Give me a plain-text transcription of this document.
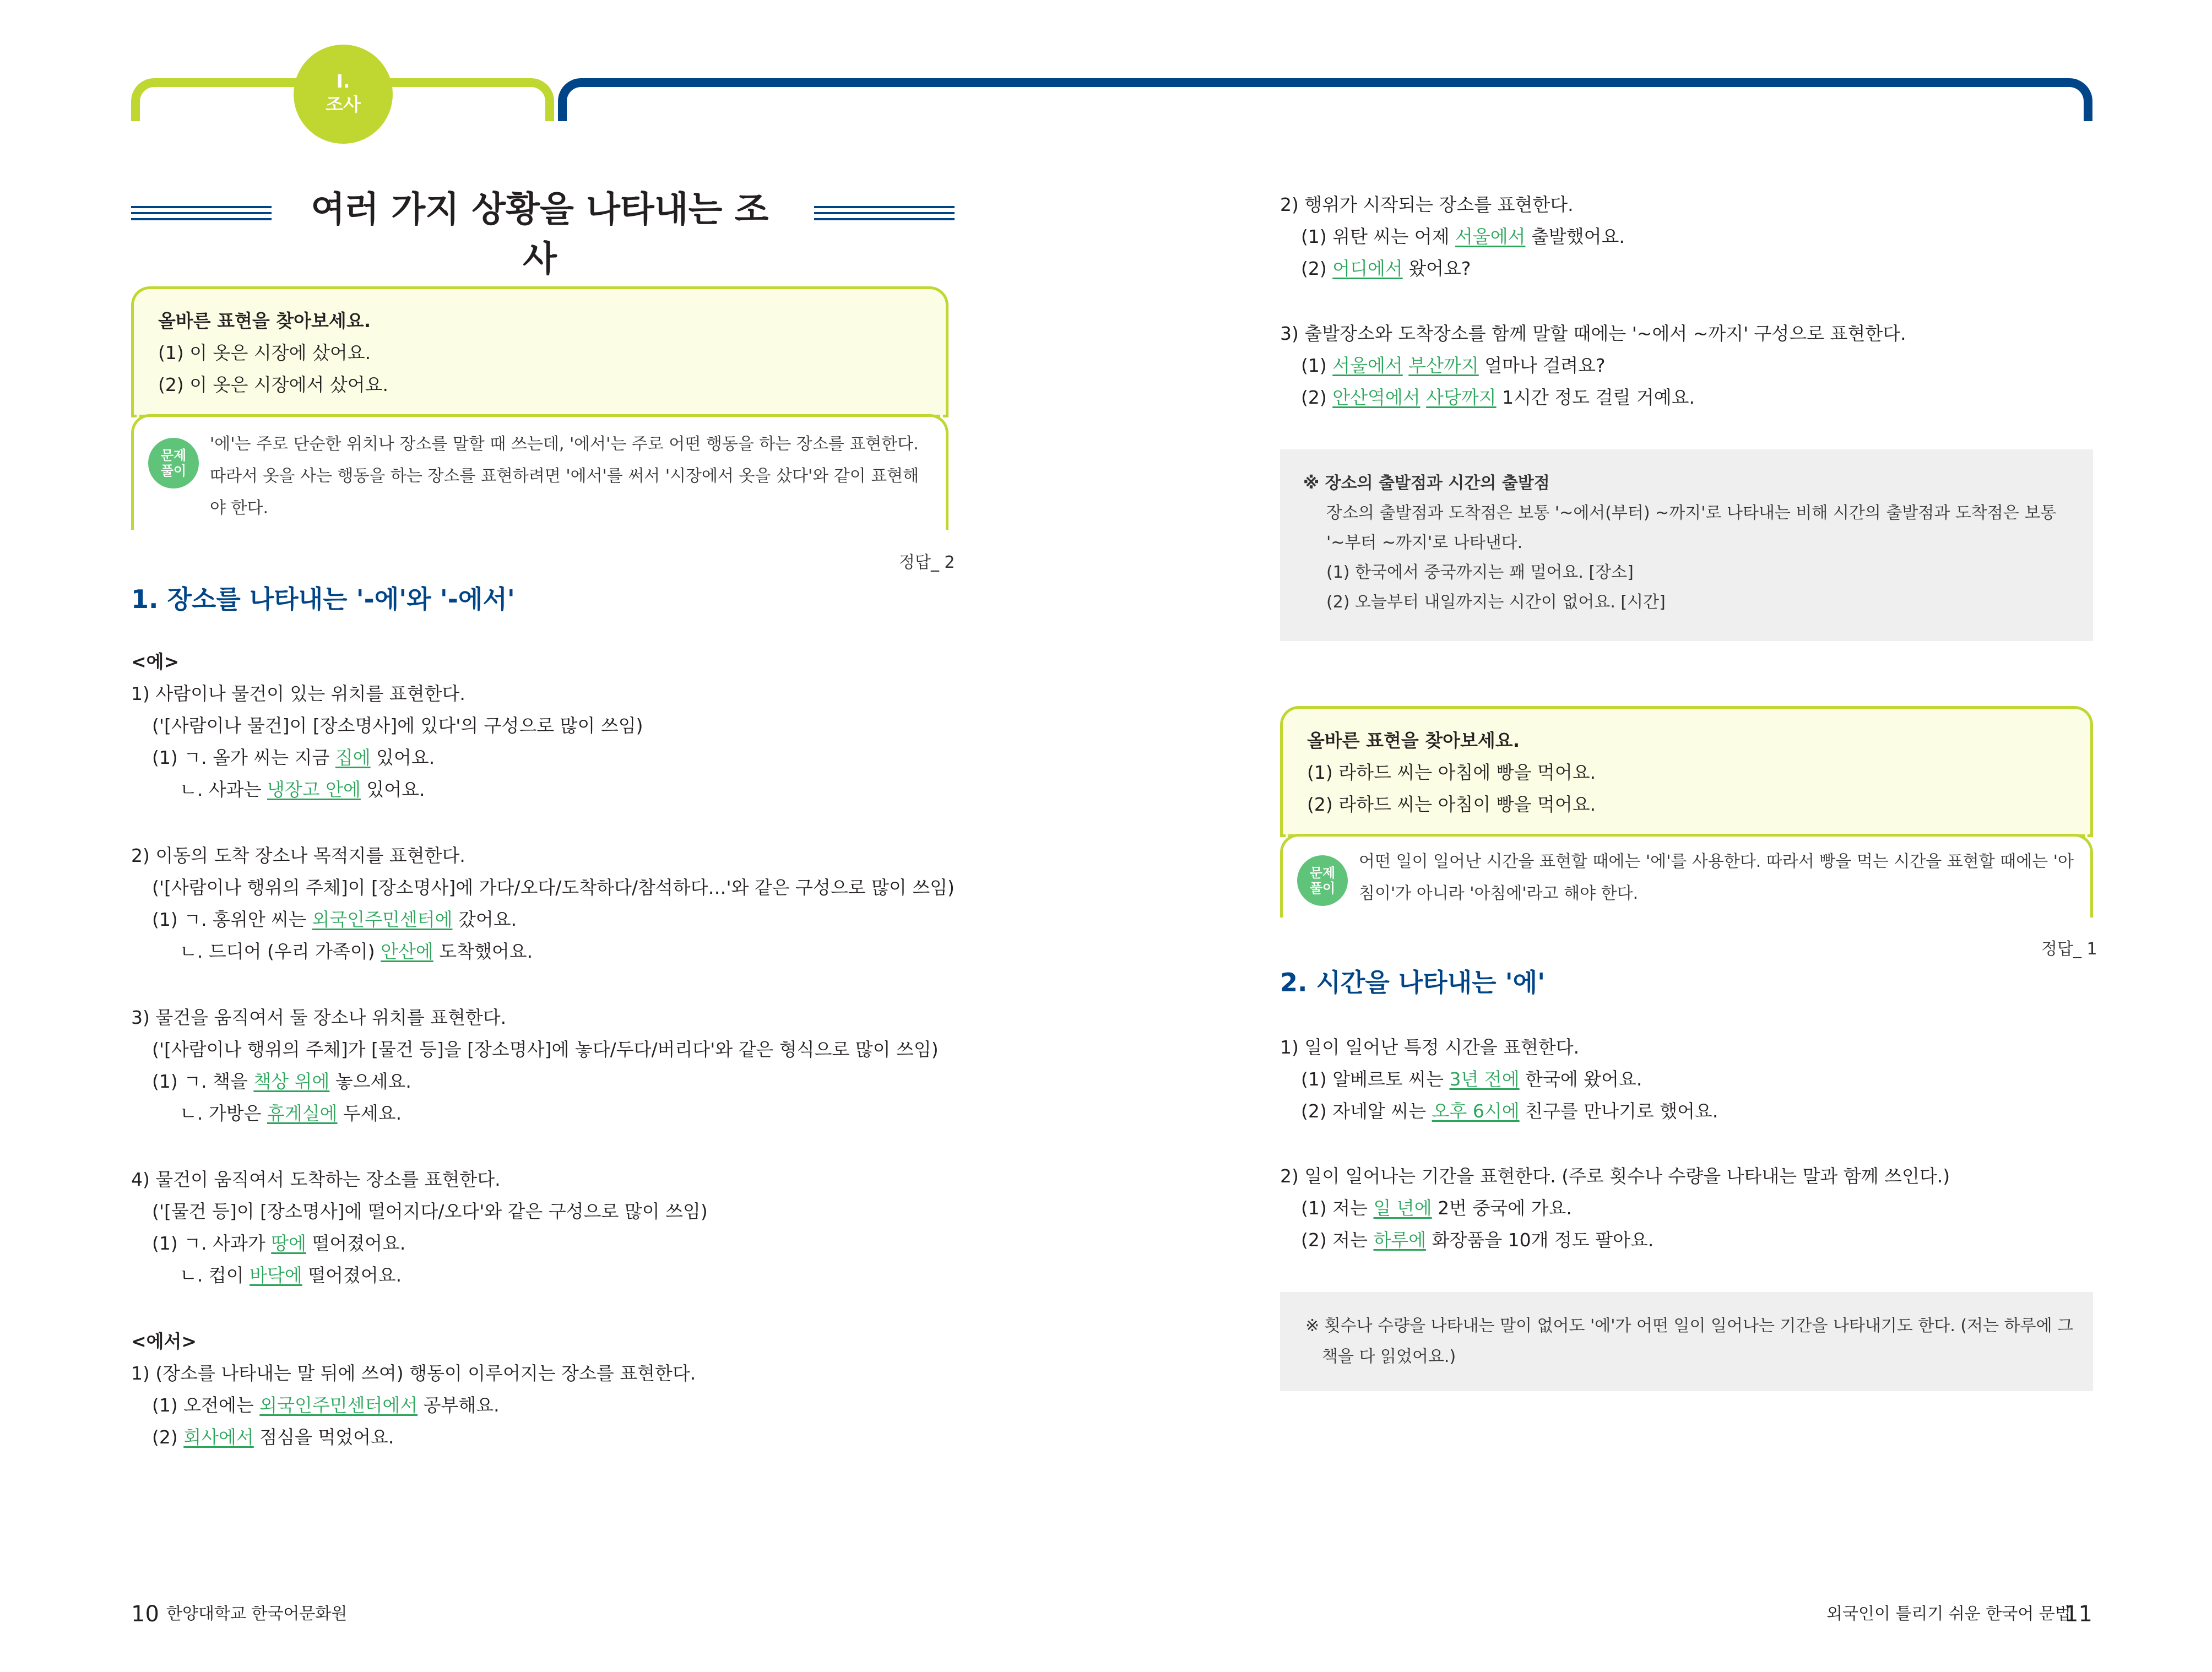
I.
조사
여러 가지 상황을 나타내는 조사
올바른 표현을 찾아보세요.
(1) 이 옷은 시장에 샀어요.
(2) 이 옷은 시장에서 샀어요.
문제
풀이
'에'는 주로 단순한 위치나 장소를 말할 때 쓰는데, '에서'는 주로 어떤 행동을 하는 장소를 표현한다.
따라서 옷을 사는 행동을 하는 장소를 표현하려면 '에서'를 써서 '시장에서 옷을 샀다'와 같이 표현해
야 한다.
정답_ 2
1. 장소를 나타내는 '-에'와 '-에서'
<에>
1) 사람이나 물건이 있는 위치를 표현한다.
('[사람이나 물건]이 [장소명사]에 있다'의 구성으로 많이 쓰임)
(1) ㄱ. 올가 씨는 지금 집에 있어요.
ㄴ. 사과는 냉장고 안에 있어요.
2) 이동의 도착 장소나 목적지를 표현한다.
('[사람이나 행위의 주체]이 [장소명사]에 가다/오다/도착하다/참석하다…'와 같은 구성으로 많이 쓰임)
(1) ㄱ. 홍위안 씨는 외국인주민센터에 갔어요.
ㄴ. 드디어 (우리 가족이) 안산에 도착했어요.
3) 물건을 움직여서 둘 장소나 위치를 표현한다.
('[사람이나 행위의 주체]가 [물건 등]을 [장소명사]에 놓다/두다/버리다'와 같은 형식으로 많이 쓰임)
(1) ㄱ. 책을 책상 위에 놓으세요.
ㄴ. 가방은 휴게실에 두세요.
4) 물건이 움직여서 도착하는 장소를 표현한다.
('[물건 등]이 [장소명사]에 떨어지다/오다'와 같은 구성으로 많이 쓰임)
(1) ㄱ. 사과가 땅에 떨어졌어요.
ㄴ. 컵이 바닥에 떨어졌어요.
<에서>
1) (장소를 나타내는 말 뒤에 쓰여) 행동이 이루어지는 장소를 표현한다.
(1) 오전에는 외국인주민센터에서 공부해요.
(2) 회사에서 점심을 먹었어요.
2) 행위가 시작되는 장소를 표현한다.
(1) 위탄 씨는 어제 서울에서 출발했어요.
(2) 어디에서 왔어요?
3) 출발장소와 도착장소를 함께 말할 때에는 '~에서 ~까지' 구성으로 표현한다.
(1) 서울에서 부산까지 얼마나 걸려요?
(2) 안산역에서 사당까지 1시간 정도 걸릴 거예요.
※ 장소의 출발점과 시간의 출발점
장소의 출발점과 도착점은 보통 '~에서(부터) ~까지'로 나타내는 비해 시간의 출발점과 도착점은 보통
'~부터 ~까지'로 나타낸다.
(1) 한국에서 중국까지는 꽤 멀어요. [장소]
(2) 오늘부터 내일까지는 시간이 없어요. [시간]
올바른 표현을 찾아보세요.
(1) 라하드 씨는 아침에 빵을 먹어요.
(2) 라하드 씨는 아침이 빵을 먹어요.
문제
풀이
어떤 일이 일어난 시간을 표현할 때에는 '에'를 사용한다. 따라서 빵을 먹는 시간을 표현할 때에는 '아
침이'가 아니라 '아침에'라고 해야 한다.
정답_ 1
2. 시간을 나타내는 '에'
1) 일이 일어난 특정 시간을 표현한다.
(1) 알베르토 씨는 3년 전에 한국에 왔어요.
(2) 자네알 씨는 오후 6시에 친구를 만나기로 했어요.
2) 일이 일어나는 기간을 표현한다. (주로 횟수나 수량을 나타내는 말과 함께 쓰인다.)
(1) 저는 일 년에 2번 중국에 가요.
(2) 저는 하루에 화장품을 10개 정도 팔아요.
※ 횟수나 수량을 나타내는 말이 없어도 '에'가 어떤 일이 일어나는 기간을 나타내기도 한다. (저는 하루에 그
책을 다 읽었어요.)
10 한양대학교 한국어문화원	외국인이 틀리기 쉬운 한국어 문법
11
